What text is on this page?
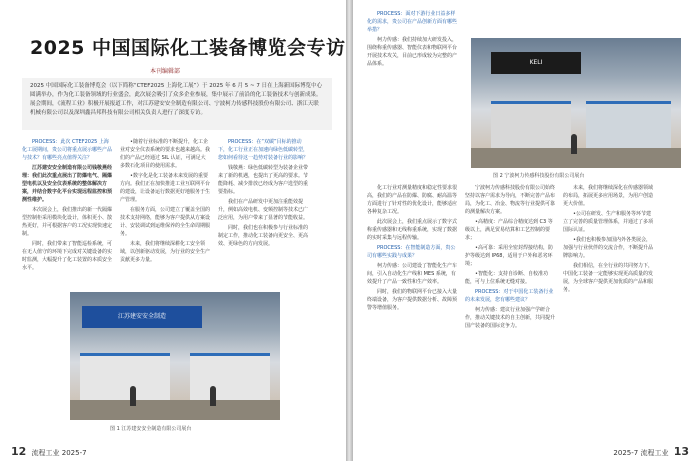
2025 中国国际化工装备博览会专访
本刊编辑部

2025 中国国际化工装备博览会（以下简称“CTEF2025 上海化工展”）于 2025 年 6 月 5 ~ 7 日在上海新国际博览中心圆满举办，作为化工装备领域的行业盛会，此次展会吸引了众多企业参展，集中展示了前沿的化工装备技术与创新成果。展会期间，《流程工业》积极开展报道工作，对江苏建安安全制造有限公司、宁波柯力传感科技股份有限公司、浙江天联机械有限公司以及深圳鑫昌邦科技有限公司相关负责人进行了深度专访。

PROCESS：此次 CTEF2025 上海化工展期间，贵公司将重点展示哪些产品与技术？有哪些亮点值得关注？

江苏建安安全制造有限公司钱敬燕经理：我们此次重点展出了防爆电气、隔爆型电机以及安全仪表系统的整体解决方案，并结合数字化平台实现远程监控和预测性维护。

本次展会上，我们推出的新一代隔爆型控制柜采用模块化设计，体积更小、散热更好，并可根据客户的工况实现快速定制。

同时，我们带来了智能巡检系统，可在无人值守的环境下完成对关键设备的实时监测，大幅提升了化工装置的本质安全水平。

•随着行业标准的不断提升，化工企业对安全仪表系统的要求也越来越高。我们的产品已经通过 SIL 认证，可满足大多数石化项目的使用需求。

•数字化是化工装备未来发展的重要方向。我们正在加快推进工业互联网平台的建设，让设备运行数据更好地服务于生产管理。

在服务方面，公司建立了覆盖全国的技术支持网络，能够为客户提供从方案设计、安装调试到运维保养的全生命周期服务。

未来，我们将继续深耕化工安全领域，以创新驱动发展，为行业的安全生产贡献更多力量。

PROCESS：在“双碳”目标的推动下，化工行业正在加速向绿色低碳转型，您如何看待这一趋势对装备行业的影响？

钱敬燕：绿色低碳转型为装备企业带来了新的机遇，也提出了更高的要求。节能降耗、减少排放已经成为客户选型的重要指标。

我们在产品研发中更加注重能效提升，例如高效电机、变频控制等技术已广泛应用，为用户带来了显著的节能收益。

同时，我们也在积极参与行业标准的制定工作，推动化工装备向更安全、更高效、更绿色的方向发展。

江苏建安安全制造
图 1 江苏建安安全制造有限公司展台
12 流程工业 2025-7

PROCESS：面对下游行业日益多样化的需求，贵公司在产品创新方面有哪些举措？

柯力传感：我们持续加大研发投入，围绕称重传感器、智能仪表和物联网平台开展技术攻关，目前已形成较为完整的产品体系。	KELI
图 2 宁波柯力传感科技股份有限公司展台

化工行业对测量精度和稳定性要求很高，我们的产品在防爆、防腐、耐高温等方面进行了针对性的优化设计，能够适应各种复杂工况。

此次展会上，我们重点展示了数字式称重传感器和无线称重系统，实现了数据的实时采集与远程传输。

PROCESS：在智能制造方面，贵公司有哪些实践与成果？

柯力传感：公司建设了智能化生产车间，引入自动化生产线和 MES 系统，有效提升了产品一致性和生产效率。

同时，我们的物联网平台已接入大量终端设备，为客户提供数据分析、故障预警等增值服务。

宁波柯力传感科技股份有限公司始终坚持以客户需求为导向，不断完善产品布局，为化工、冶金、物流等行业提供可靠的测量解决方案。

•高精度：产品综合精度达到 C3 等级以上，满足贸易结算和工艺控制的要求；

•高可靠：采用全密封焊接结构，防护等级达到 IP68，适用于户外和恶劣环境；

•智能化：支持自诊断、自校准功能，可与上位系统无缝对接。

PROCESS：对于中国化工装备行业的未来发展，您有哪些建议？

柯力传感：建议行业加强产学研合作，推动关键技术的自主创新，共同提升国产装备的国际竞争力。

未来，我们将继续深化在传感器领域的布局，拓展更多应用场景，为用户创造更大价值。

•公司在研发、生产和服务等环节建立了完善的质量管理体系，并通过了多项国际认证。

•我们也积极参加国内外各类展会，加强与行业伙伴的交流合作，不断提升品牌影响力。

我们相信，在全行业的共同努力下，中国化工装备一定能够实现更高质量的发展，为全球客户提供更加优质的产品和服务。

2025-7 流程工业 13
